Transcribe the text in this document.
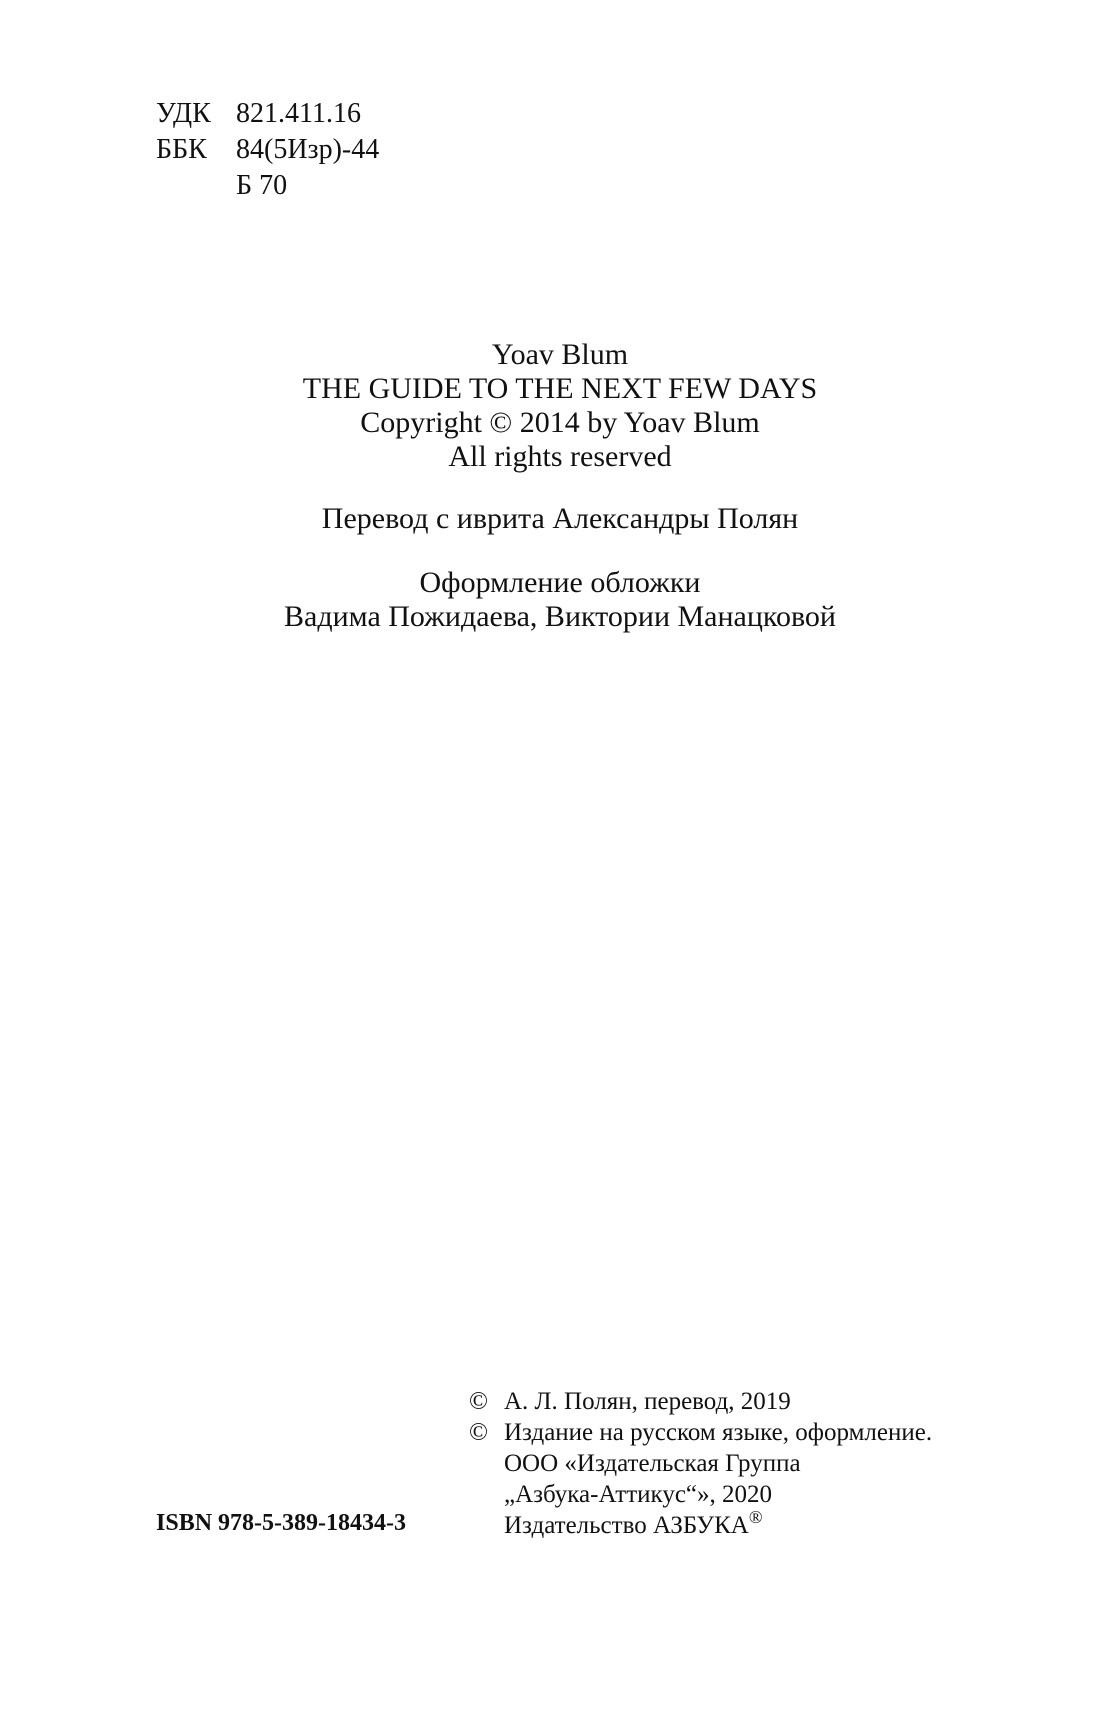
УДК 821.411.16
ББК	84(5Изр)-44
Б 70
Yoav Blum
THE GUIDE TO THE NEXT FEW DAYS
Copyright © 2014 by Yoav Blum
All rights reserved
Перевод с иврита Александры Полян
Оформление обложки
Вадима Пожидаева, Виктории Манацковой
© А. Л. Полян, перевод, 2019
© Издание на русском языке, оформление.
ООО «Издательская Группа
„Азбука-Аттикус“», 2020
Издательство АЗБУКА®
ISBN 978-5-389-18434-3
